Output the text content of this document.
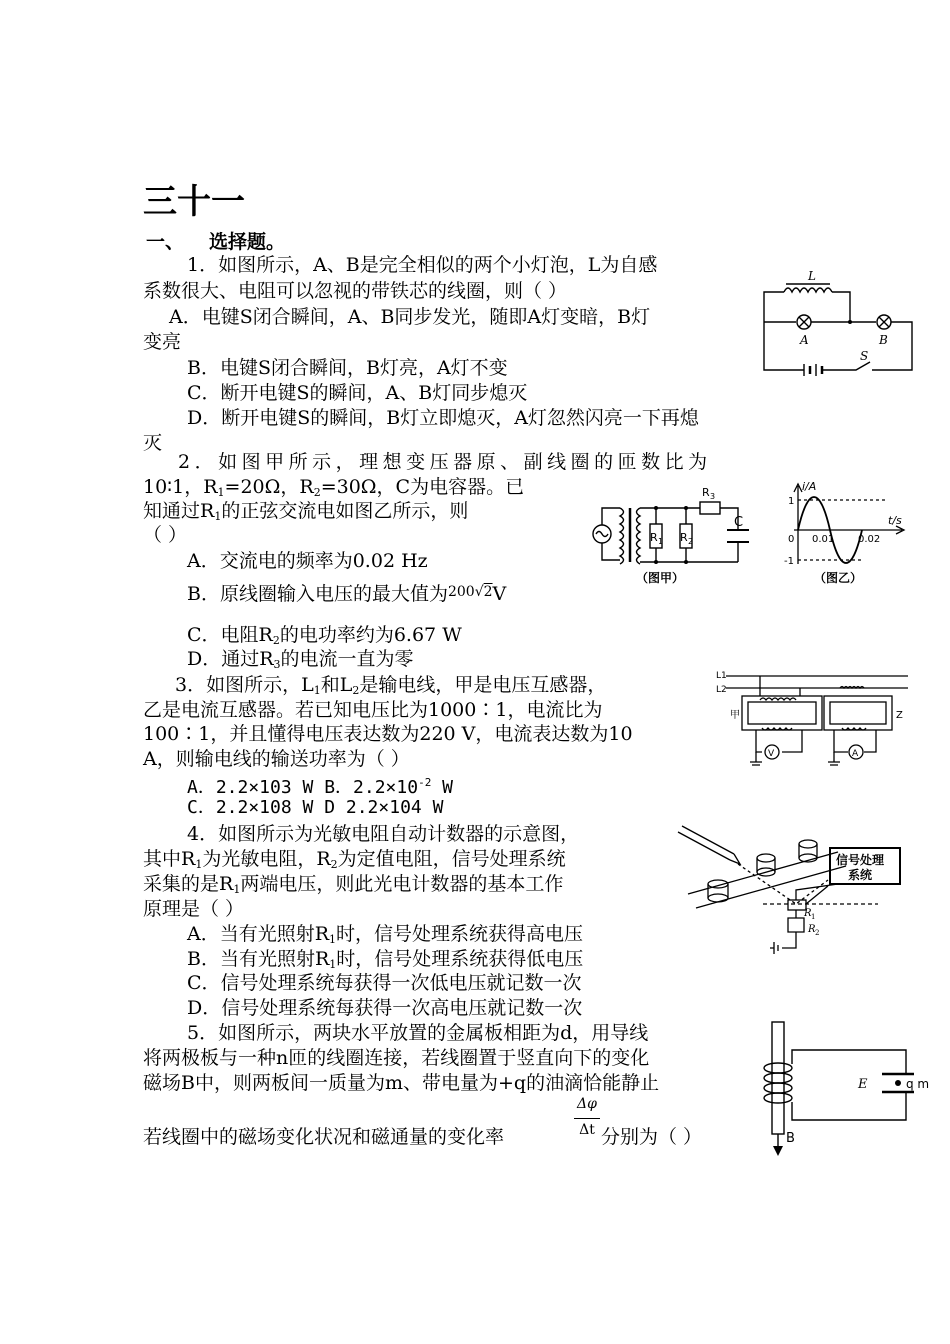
三十一
一、 选择题。
1．如图所示，A、B是完全相似的两个小灯泡，L为自感
系数很大、电阻可以忽视的带铁芯的线圈，则（ ）
A．电键S闭合瞬间，A、B同步发光，随即A灯变暗，B灯
变亮
B．电键S闭合瞬间，B灯亮，A灯不变
C．断开电键S的瞬间，A、B灯同步熄灭
D．断开电键S的瞬间，B灯立即熄灭，A灯忽然闪亮一下再熄
灭
L
A	B
S
2．如图甲所示，理想变压器原、副线圈的匝数比为
10∶1，$R_1=20\Omega$，$R_2=30\Omega$，C为电容器。已
知通过$R_1$的正弦交流电如图乙所示，则
（ ）
A．交流电的频率为0.02 Hz
B．原线圈输入电压的最大值为$^{200√2}$V
C．电阻$R_2$的电功率约为6.67 W
D．通过$R_3$的电流一直为零
R 1 R 2
R 3
C
（图甲）
i/A
t/s
1
-1
0 0.01 0.02
（图乙）
3．如图所示，$L_1$和$L_2$是输电线，甲是电压互感器，
乙是电流互感器。若已知电压比为1000∶1，电流比为
100∶1，并且懂得电压表达数为220 V，电流表达数为10
A，则输电线的输送功率为（ ）
A．2.2×103 W B．$2.2\times 10^{-2}$ W
C．2.2×108 W D 2.2×104 W
L1
L2
甲	Z
V	A
4．如图所示为光敏电阻自动计数器的示意图，
其中$R_1$为光敏电阻，$R_2$为定值电阻，信号处理系统
采集的是$R_1$两端电压，则此光电计数器的基本工作
原理是（ ）
A．当有光照射$R_1$时，信号处理系统获得高电压
B．当有光照射$R_1$时，信号处理系统获得低电压
C．信号处理系统每获得一次低电压就记数一次
D．信号处理系统每获得一次高电压就记数一次
信号处理
系统
R 1
R 2
5．如图所示，两块水平放置的金属板相距为d，用导线
将两极板与一种n匝的线圈连接，若线圈置于竖直向下的变化
磁场B中，则两板间一质量为m、带电量为+q的油滴恰能静止
Δφ
Δt
若线圈中的磁场变化状况和磁通量的变化率	分别为（ ）
E	q m
B
